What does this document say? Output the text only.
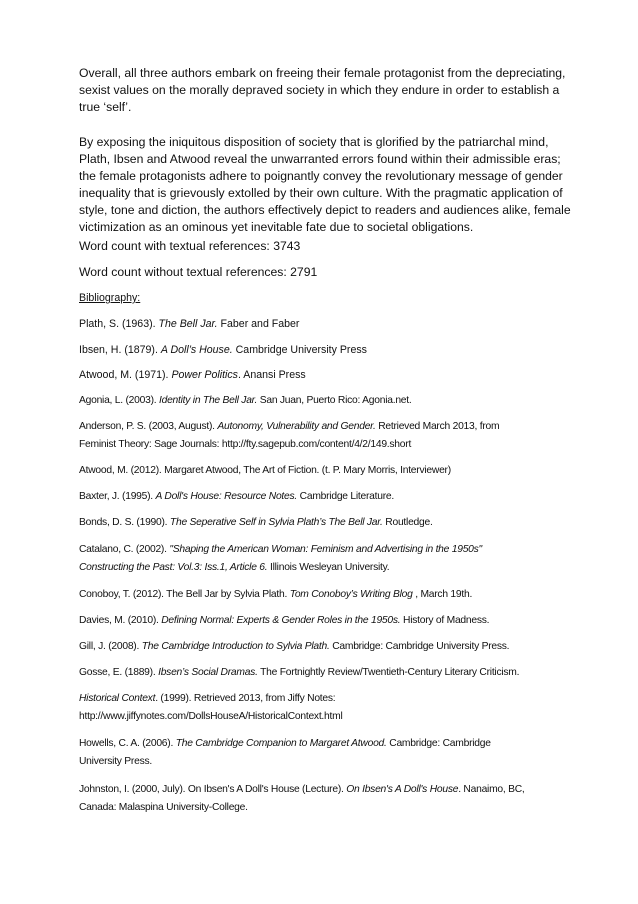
Overall, all three authors embark on freeing their female protagonist from the depreciating, sexist values on the morally depraved society in which they endure in order to establish a true ‘self’.

By exposing the iniquitous disposition of society that is glorified by the patriarchal mind, Plath, Ibsen and Atwood reveal the unwarranted errors found within their admissible eras; the female protagonists adhere to poignantly convey the revolutionary message of gender inequality that is grievously extolled by their own culture. With the pragmatic application of style, tone and diction, the authors effectively depict to readers and audiences alike, female victimization as an ominous yet inevitable fate due to societal obligations.

Word count with textual references: 3743

Word count without textual references: 2791

Bibliography:

Plath, S. (1963). The Bell Jar. Faber and Faber

Ibsen, H. (1879). A Doll’s House. Cambridge University Press

Atwood, M. (1971). Power Politics. Anansi Press

Agonia, L. (2003). Identity in The Bell Jar. San Juan, Puerto Rico: Agonia.net.

Anderson, P. S. (2003, August). Autonomy, Vulnerability and Gender. Retrieved March 2013, from
Feminist Theory: Sage Journals: http://fty.sagepub.com/content/4/2/149.short

Atwood, M. (2012). Margaret Atwood, The Art of Fiction. (t. P. Mary Morris, Interviewer)

Baxter, J. (1995). A Doll's House: Resource Notes. Cambridge Literature.

Bonds, D. S. (1990). The Seperative Self in Sylvia Plath’s The Bell Jar. Routledge.

Catalano, C. (2002). "Shaping the American Woman: Feminism and Advertising in the 1950s"
Constructing the Past: Vol.3: Iss.1, Article 6. Illinois Wesleyan University.

Conoboy, T. (2012). The Bell Jar by Sylvia Plath. Tom Conoboy’s Writing Blog , March 19th.

Davies, M. (2010). Defining Normal: Experts & Gender Roles in the 1950s. History of Madness.

Gill, J. (2008). The Cambridge Introduction to Sylvia Plath. Cambridge: Cambridge University Press.

Gosse, E. (1889). Ibsen’s Social Dramas. The Fortnightly Review/Twentieth-Century Literary Criticism.

Historical Context. (1999). Retrieved 2013, from Jiffy Notes:
http://www.jiffynotes.com/DollsHouseA/HistoricalContext.html

Howells, C. A. (2006). The Cambridge Companion to Margaret Atwood. Cambridge: Cambridge
University Press.

Johnston, I. (2000, July). On Ibsen's A Doll's House (Lecture). On Ibsen's A Doll's House. Nanaimo, BC,
Canada: Malaspina University-College.
